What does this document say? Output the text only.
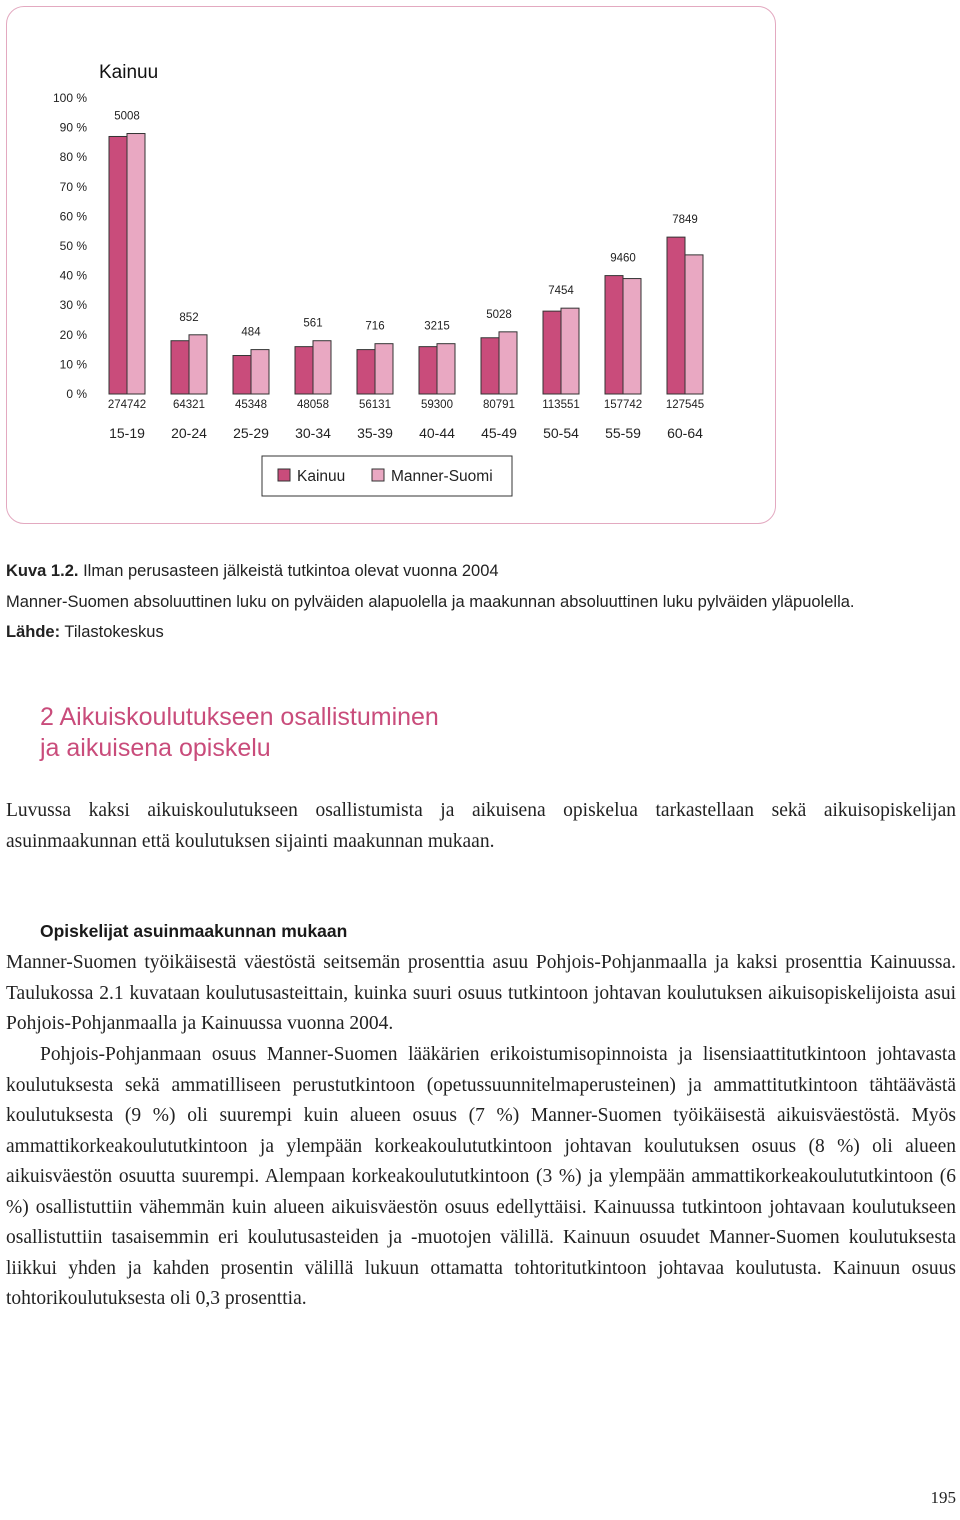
Kainuu
0 %
10 %
20 %
30 %
40 %
50 %
60 %
70 %
80 %
90 %
100 %
5008
274742
15-19
852
64321
20-24
484
45348
25-29
561
48058
30-34
716
56131
35-39
3215
59300
40-44
5028
80791
45-49
7454
113551
50-54
9460
157742
55-59
7849
127545
60-64
Kainuu	Manner-Suomi
Kuva 1.2. Ilman perusasteen jälkeistä tutkintoa olevat vuonna 2004
Manner-Suomen absoluuttinen luku on pylväiden alapuolella ja maakunnan absoluuttinen luku pylväiden yläpuolella.
Lähde: Tilastokeskus
2 Aikuiskoulutukseen osallistuminen
ja aikuisena opiskelu
Luvussa kaksi aikuiskoulutukseen osallistumista ja aikuisena opiskelua tarkastellaan sekä aikuisopiskelijan asuinmaakunnan että koulutuksen sijainti maakunnan mukaan.
Opiskelijat asuinmaakunnan mukaan
Manner-Suomen työikäisestä väestöstä seitsemän prosenttia asuu Pohjois-Pohjanmaalla ja kaksi prosenttia Kainuussa. Taulukossa 2.1 kuvataan koulutusasteittain, kuinka suuri osuus tutkintoon johtavan koulutuksen aikuisopiskelijoista asui Pohjois-Pohjanmaalla ja Kainuussa vuonna 2004.
Pohjois-Pohjanmaan osuus Manner-Suomen lääkärien erikoistumisopinnoista ja lisensiaattitutkintoon johtavasta koulutuksesta sekä ammatilliseen perustutkintoon (opetussuunnitelmaperusteinen) ja ammattitutkintoon tähtäävästä koulutuksesta (9 %) oli suurempi kuin alueen osuus (7 %) Manner-Suomen työikäisestä aikuisväestöstä. Myös ammattikorkeakoulututkintoon ja ylempään korkeakoulututkintoon johtavan koulutuksen osuus (8 %) oli alueen aikuisväestön osuutta suurempi. Alempaan korkeakoulututkintoon (3 %) ja ylempään ammattikorkeakoulututkintoon (6 %) osallistuttiin vähemmän kuin alueen aikuisväestön osuus edellyttäisi. Kainuussa tutkintoon johtavaan koulutukseen osallistuttiin tasaisemmin eri koulutusasteiden ja -muotojen välillä. Kainuun osuudet Manner-Suomen koulutuksesta liikkui yhden ja kahden prosentin välillä lukuun ottamatta tohtoritutkintoon johtavaa koulutusta. Kainuun osuus tohtorikoulutuksesta oli 0,3 prosenttia.
195
